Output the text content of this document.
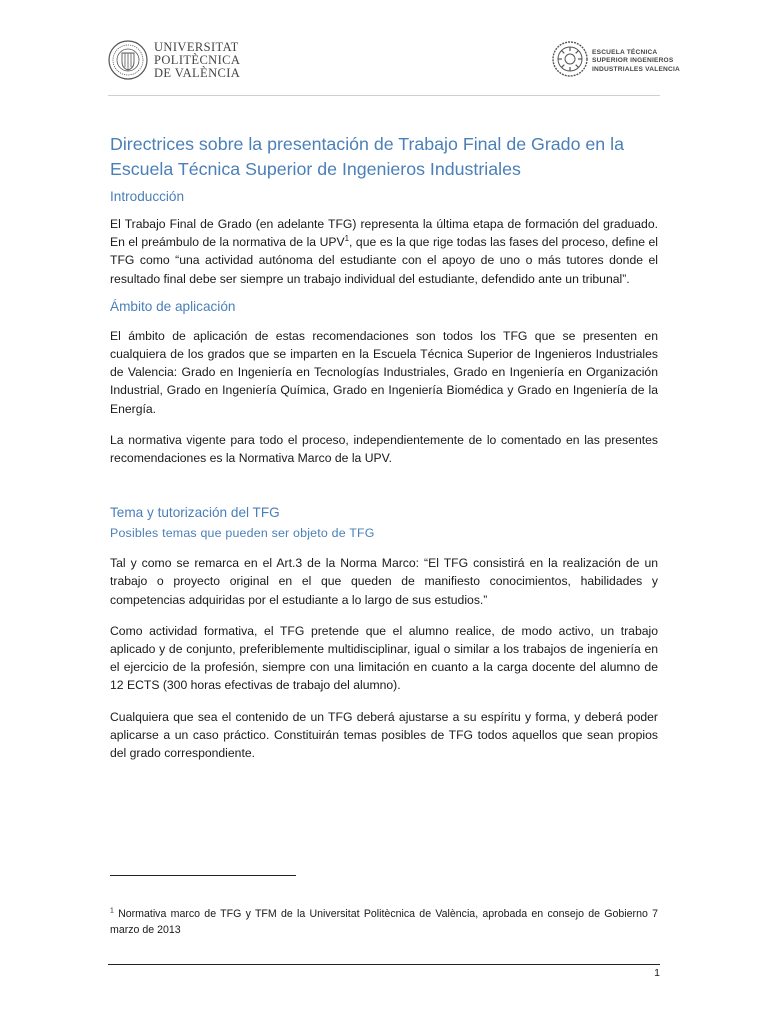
UNIVERSITAT
POLITÈCNICA
DE VALÈNCIA
ESCUELA TÉCNICA
SUPERIOR INGENIEROS
INDUSTRIALES VALENCIA
Directrices sobre la presentación de Trabajo Final de Grado en la Escuela Técnica Superior de Ingenieros Industriales
Introducción

El Trabajo Final de Grado (en adelante TFG) representa la última etapa de formación del graduado. En el preámbulo de la normativa de la UPV$^1$, que es la que rige todas las fases del proceso, define el TFG como “una actividad autónoma del estudiante con el apoyo de uno o más tutores donde el resultado final debe ser siempre un trabajo individual del estudiante, defendido ante un tribunal”.

Ámbito de aplicación

El ámbito de aplicación de estas recomendaciones son todos los TFG que se presenten en cualquiera de los grados que se imparten en la Escuela Técnica Superior de Ingenieros Industriales de Valencia: Grado en Ingeniería en Tecnologías Industriales, Grado en Ingeniería en Organización Industrial, Grado en Ingeniería Química, Grado en Ingeniería Biomédica y Grado en Ingeniería de la Energía.

La normativa vigente para todo el proceso, independientemente de lo comentado en las presentes recomendaciones es la Normativa Marco de la UPV.

Tema y tutorización del TFG
Posibles temas que pueden ser objeto de TFG

Tal y como se remarca en el Art.3 de la Norma Marco: “El TFG consistirá en la realización de un trabajo o proyecto original en el que queden de manifiesto conocimientos, habilidades y competencias adquiridas por el estudiante a lo largo de sus estudios.”

Como actividad formativa, el TFG pretende que el alumno realice, de modo activo, un trabajo aplicado y de conjunto, preferiblemente multidisciplinar, igual o similar a los trabajos de ingeniería en el ejercicio de la profesión, siempre con una limitación en cuanto a la carga docente del alumno de 12 ECTS (300 horas efectivas de trabajo del alumno).

Cualquiera que sea el contenido de un TFG deberá ajustarse a su espíritu y forma, y deberá poder aplicarse a un caso práctico. Constituirán temas posibles de TFG todos aquellos que sean propios del grado correspondiente.

$^1$ Normativa marco de TFG y TFM de la Universitat Politècnica de València, aprobada en consejo de Gobierno 7 marzo de 2013
1
